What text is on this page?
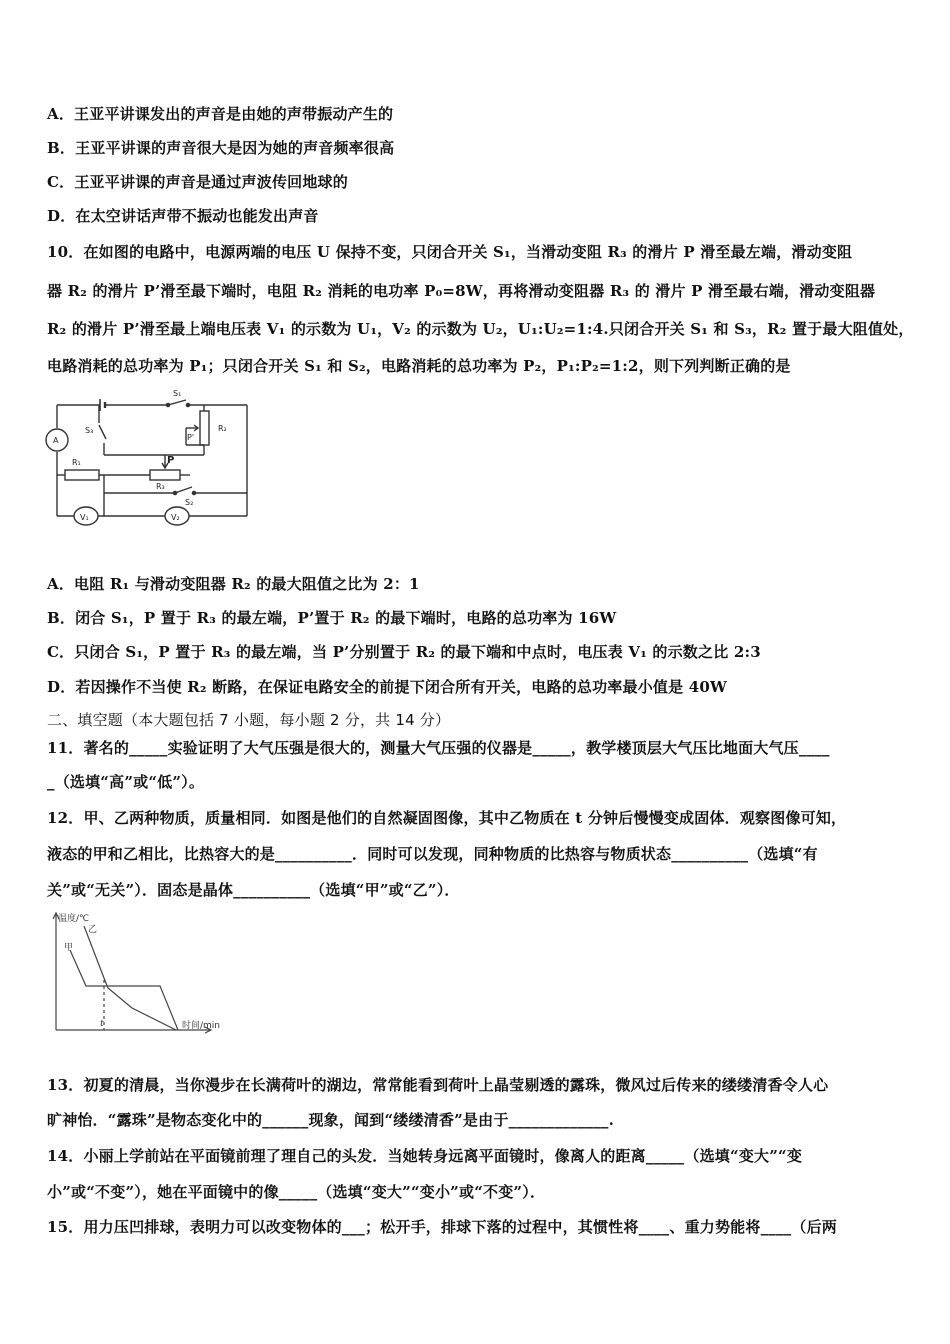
A．王亚平讲课发出的声音是由她的声带振动产生的
B．王亚平讲课的声音很大是因为她的声音频率很高
C．王亚平讲课的声音是通过声波传回地球的
D．在太空讲话声带不振动也能发出声音
10．在如图的电路中，电源两端的电压 U 保持不变，只闭合开关 S₁，当滑动变阻 R₃ 的滑片 P 滑至最左端，滑动变阻
器 R₂ 的滑片 P’滑至最下端时，电阻 R₂ 消耗的电功率 P₀=8W，再将滑动变阻器 R₃ 的 滑片 P 滑至最右端，滑动变阻器
R₂ 的滑片 P’滑至最上端电压表 V₁ 的示数为 U₁，V₂ 的示数为 U₂，U₁:U₂=1:4.只闭合开关 S₁ 和 S₃，R₂ 置于最大阻值处，
电路消耗的总功率为 P₁；只闭合开关 S₁ 和 S₂，电路消耗的总功率为 P₂，P₁:P₂=1:2，则下列判断正确的是
S₁
S₃	R₂
P'
A
R₁	P
R₃
S₂
V₁	V₂
A．电阻 R₁ 与滑动变阻器 R₂ 的最大阻值之比为 2：1
B．闭合 S₁，P 置于 R₃ 的最左端，P’置于 R₂ 的最下端时，电路的总功率为 16W
C．只闭合 S₁，P 置于 R₃ 的最左端，当 P’分别置于 R₂ 的最下端和中点时，电压表 V₁ 的示数之比 2:3
D．若因操作不当使 R₂ 断路，在保证电路安全的前提下闭合所有开关，电路的总功率最小值是 40W
二、填空题（本大题包括 7 小题，每小题 2 分，共 14 分）
11．著名的_____实验证明了大气压强是很大的，测量大气压强的仪器是_____，教学楼顶层大气压比地面大气压____
_（选填“高”或“低”）。
12．甲、乙两种物质，质量相同．如图是他们的自然凝固图像，其中乙物质在 t 分钟后慢慢变成固体．观察图像可知，
液态的甲和乙相比，比热容大的是__________．同时可以发现，同种物质的比热容与物质状态__________（选填“有
关”或“无关”）．固态是晶体__________（选填“甲”或“乙”）．
温度/℃
乙
甲
t	时间/min
13．初夏的清晨，当你漫步在长满荷叶的湖边，常常能看到荷叶上晶莹剔透的露珠，微风过后传来的缕缕清香令人心
旷神怡．“露珠”是物态变化中的______现象，闻到“缕缕清香”是由于_____________.
14．小丽上学前站在平面镜前理了理自己的头发．当她转身远离平面镜时，像离人的距离_____（选填“变大”“变
小”或“不变”），她在平面镜中的像_____（选填“变大”“变小”或“不变”）．
15．用力压凹排球，表明力可以改变物体的___；松开手，排球下落的过程中，其惯性将____、重力势能将____（后两
